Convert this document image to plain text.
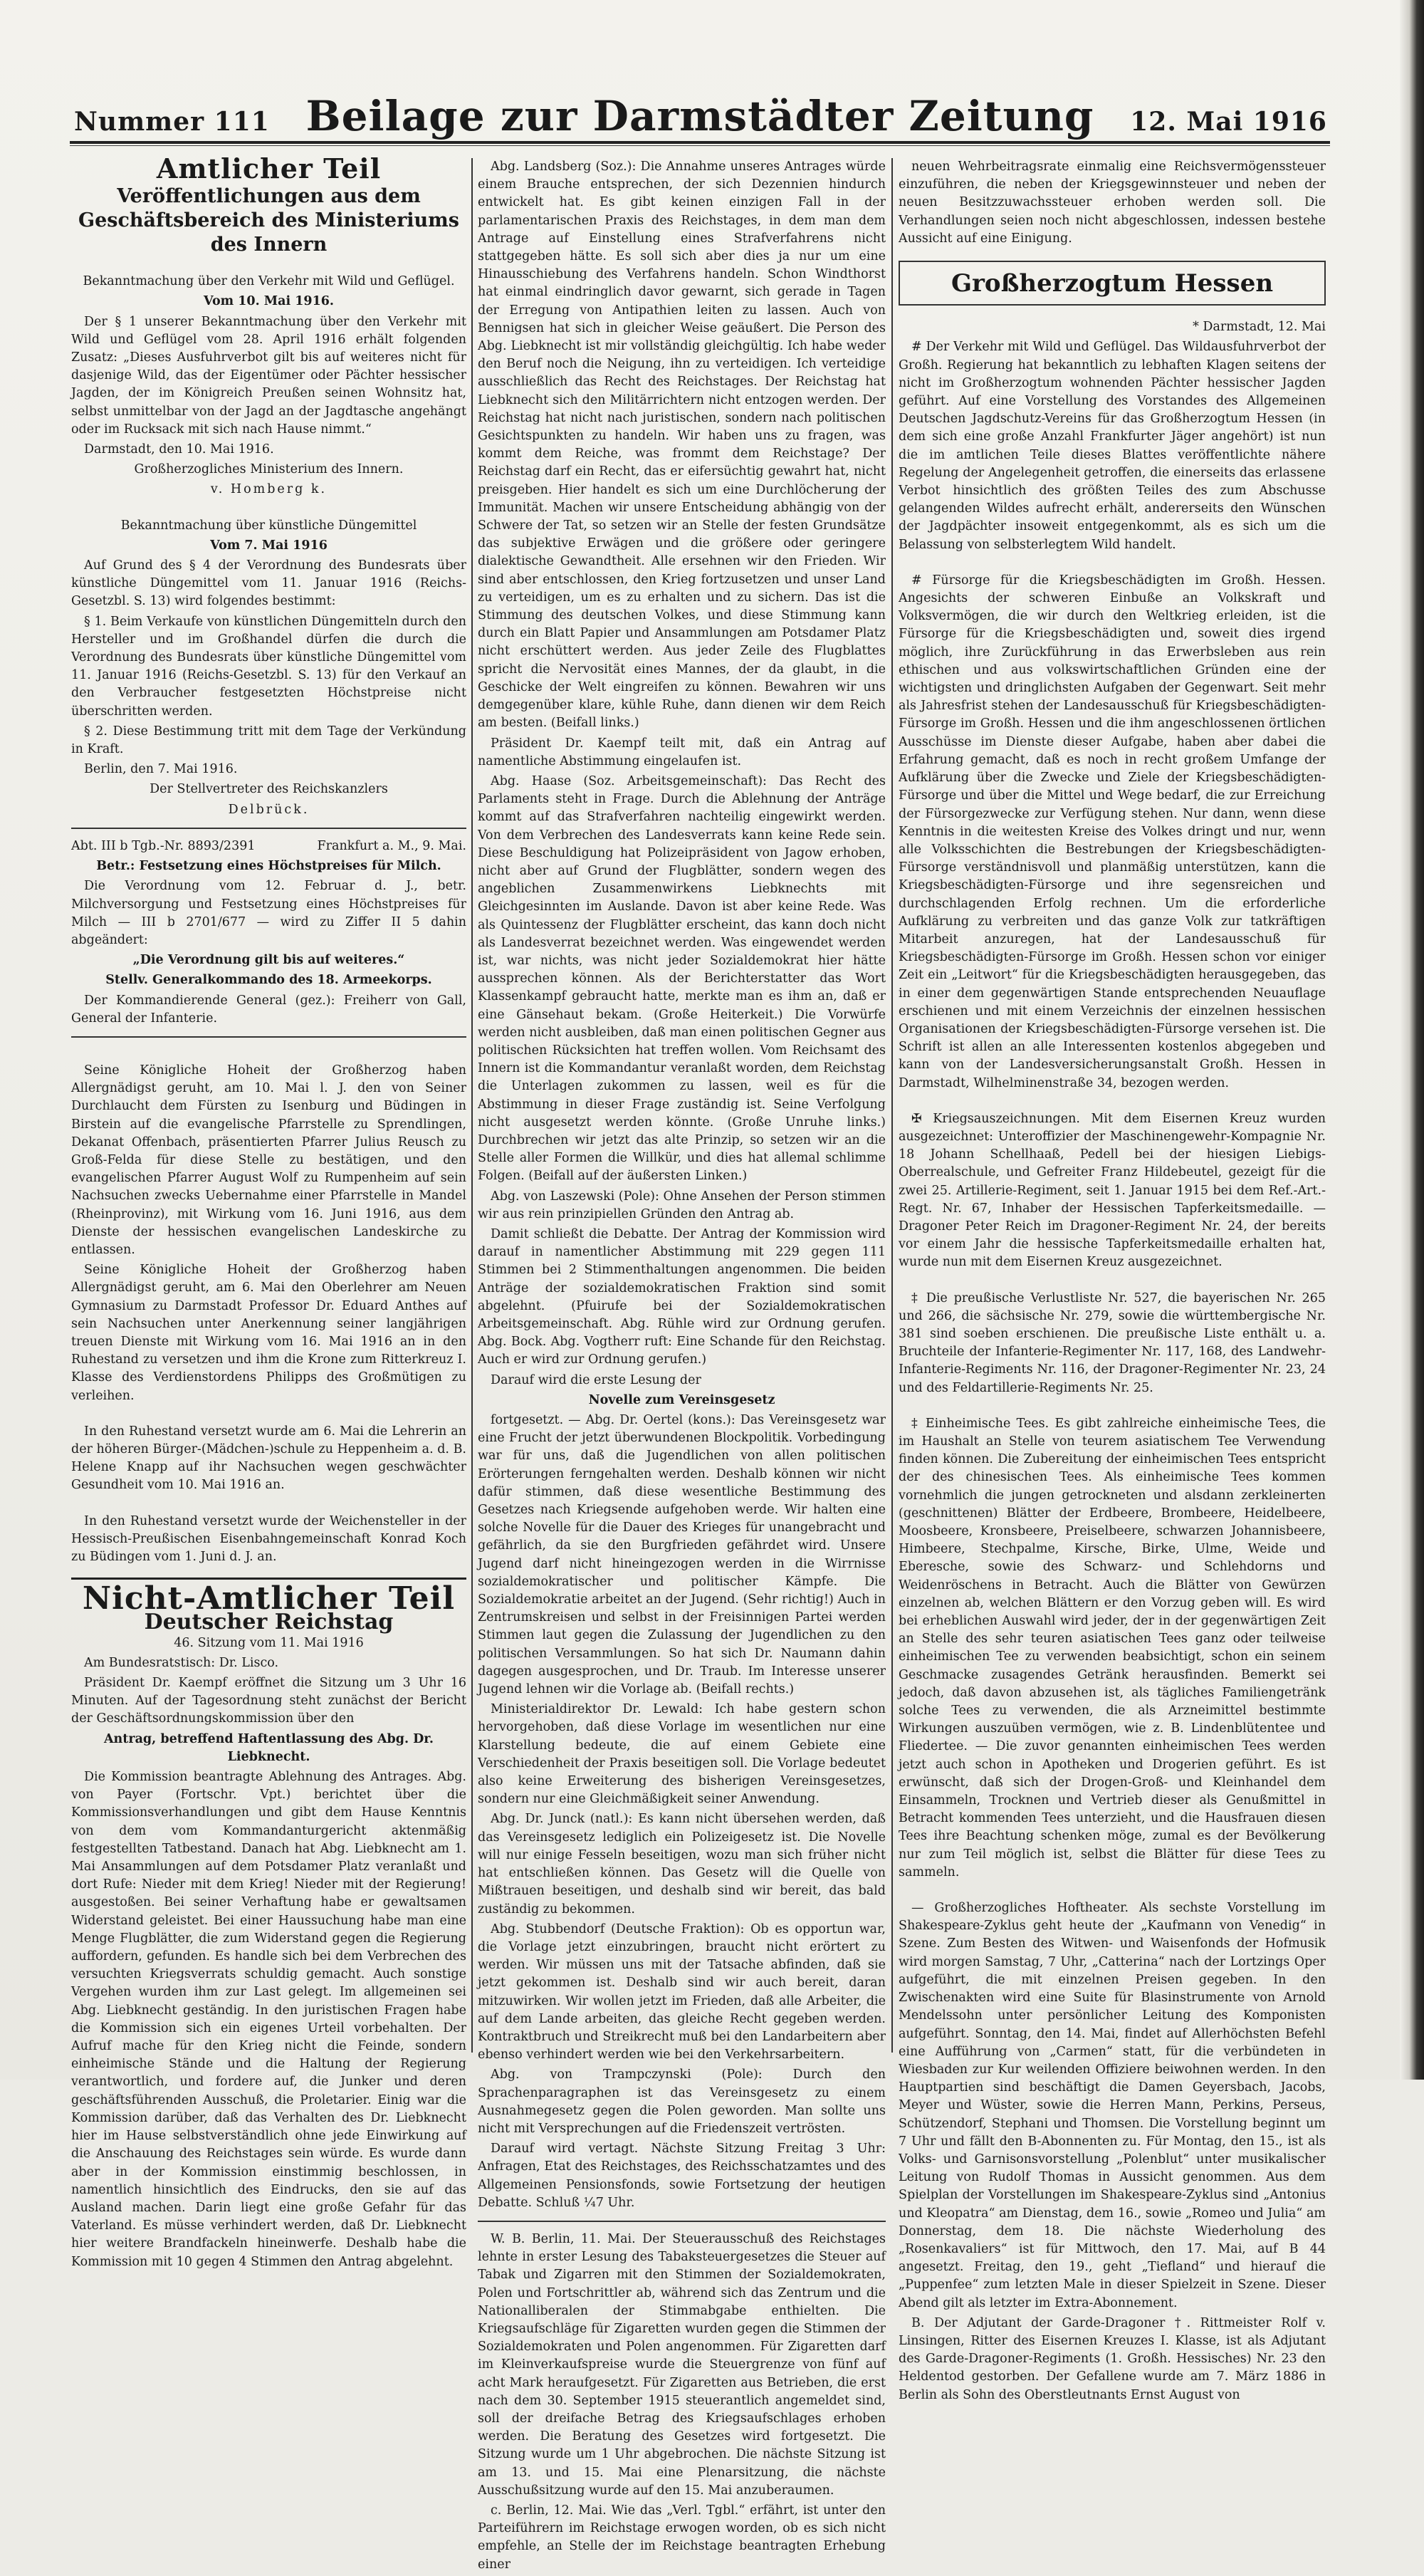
Nummer 111 Beilage zur Darmstädter Zeitung 12. Mai 1916
Amtlicher Teil
Veröffentlichungen aus dem Geschäftsbereich des Ministeriums des Innern

Bekanntmachung über den Verkehr mit Wild und Geflügel.

Vom 10. Mai 1916.

Der § 1 unserer Bekanntmachung über den Verkehr mit Wild und Geflügel vom 28. April 1916 erhält folgenden Zusatz: „Dieses Ausfuhrverbot gilt bis auf weiteres nicht für dasjenige Wild, das der Eigentümer oder Pächter hessischer Jagden, der im Königreich Preußen seinen Wohnsitz hat, selbst unmittelbar von der Jagd an der Jagdtasche angehängt oder im Rucksack mit sich nach Hause nimmt.“

Darmstadt, den 10. Mai 1916.

Großherzogliches Ministerium des Innern.

v. Homberg k.

Bekanntmachung über künstliche Düngemittel

Vom 7. Mai 1916

Auf Grund des § 4 der Verordnung des Bundesrats über künstliche Düngemittel vom 11. Januar 1916 (Reichs-Gesetzbl. S. 13) wird folgendes bestimmt:

§ 1. Beim Verkaufe von künstlichen Düngemitteln durch den Hersteller und im Großhandel dürfen die durch die Verordnung des Bundesrats über künstliche Düngemittel vom 11. Januar 1916 (Reichs-Gesetzbl. S. 13) für den Verkauf an den Verbraucher festgesetzten Höchstpreise nicht überschritten werden.

§ 2. Diese Bestimmung tritt mit dem Tage der Verkündung in Kraft.

Berlin, den 7. Mai 1916.

Der Stellvertreter des Reichskanzlers

Delbrück.

Abt. III b Tgb.-Nr. 8893/2391	Frankfurt a. M., 9. Mai.

Betr.: Festsetzung eines Höchstpreises für Milch.

Die Verordnung vom 12. Februar d. J., betr. Milchversorgung und Festsetzung eines Höchstpreises für Milch — III b 2701/677 — wird zu Ziffer II 5 dahin abgeändert:

„Die Verordnung gilt bis auf weiteres.“

Stellv. Generalkommando des 18. Armeekorps.

Der Kommandierende General (gez.): Freiherr von Gall, General der Infanterie.

Seine Königliche Hoheit der Großherzog haben Allergnädigst geruht, am 10. Mai l. J. den von Seiner Durchlaucht dem Fürsten zu Isenburg und Büdingen in Birstein auf die evangelische Pfarrstelle zu Sprendlingen, Dekanat Offenbach, präsentierten Pfarrer Julius Reusch zu Groß-Felda für diese Stelle zu bestätigen, und den evangelischen Pfarrer August Wolf zu Rumpenheim auf sein Nachsuchen zwecks Uebernahme einer Pfarrstelle in Mandel (Rheinprovinz), mit Wirkung vom 16. Juni 1916, aus dem Dienste der hessischen evangelischen Landeskirche zu entlassen.

Seine Königliche Hoheit der Großherzog haben Allergnädigst geruht, am 6. Mai den Oberlehrer am Neuen Gymnasium zu Darmstadt Professor Dr. Eduard Anthes auf sein Nachsuchen unter Anerkennung seiner langjährigen treuen Dienste mit Wirkung vom 16. Mai 1916 an in den Ruhestand zu versetzen und ihm die Krone zum Ritterkreuz I. Klasse des Verdienstordens Philipps des Großmütigen zu verleihen.

In den Ruhestand versetzt wurde am 6. Mai die Lehrerin an der höheren Bürger-(Mädchen-)schule zu Heppenheim a. d. B. Helene Knapp auf ihr Nachsuchen wegen geschwächter Gesundheit vom 10. Mai 1916 an.

In den Ruhestand versetzt wurde der Weichensteller in der Hessisch-Preußischen Eisenbahngemeinschaft Konrad Koch zu Büdingen vom 1. Juni d. J. an.

Nicht-Amtlicher Teil
Deutscher Reichstag

46. Sitzung vom 11. Mai 1916

Am Bundesratstisch: Dr. Lisco.

Präsident Dr. Kaempf eröffnet die Sitzung um 3 Uhr 16 Minuten. Auf der Tagesordnung steht zunächst der Bericht der Geschäftsordnungskommission über den

Antrag, betreffend Haftentlassung des Abg. Dr. Liebknecht.

Die Kommission beantragte Ablehnung des Antrages. Abg. von Payer (Fortschr. Vpt.) berichtet über die Kommissionsverhandlungen und gibt dem Hause Kenntnis von dem vom Kommandanturgericht aktenmäßig festgestellten Tatbestand. Danach hat Abg. Liebknecht am 1. Mai Ansammlungen auf dem Potsdamer Platz veranlaßt und dort Rufe: Nieder mit dem Krieg! Nieder mit der Regierung! ausgestoßen. Bei seiner Verhaftung habe er gewaltsamen Widerstand geleistet. Bei einer Haussuchung habe man eine Menge Flugblätter, die zum Widerstand gegen die Regierung auffordern, gefunden. Es handle sich bei dem Verbrechen des versuchten Kriegsverrats schuldig gemacht. Auch sonstige Vergehen wurden ihm zur Last gelegt. Im allgemeinen sei Abg. Liebknecht geständig. In den juristischen Fragen habe die Kommission sich ein eigenes Urteil vorbehalten. Der Aufruf mache für den Krieg nicht die Feinde, sondern einheimische Stände und die Haltung der Regierung verantwortlich, und fordere auf, die Junker und deren geschäftsführenden Ausschuß, die Proletarier. Einig war die Kommission darüber, daß das Verhalten des Dr. Liebknecht hier im Hause selbstverständlich ohne jede Einwirkung auf die Anschauung des Reichstages sein würde. Es wurde dann aber in der Kommission einstimmig beschlossen, in namentlich hinsichtlich des Eindrucks, den sie auf das Ausland machen. Darin liegt eine große Gefahr für das Vaterland. Es müsse verhindert werden, daß Dr. Liebknecht hier weitere Brandfackeln hineinwerfe. Deshalb habe die Kommission mit 10 gegen 4 Stimmen den Antrag abgelehnt.

Abg. Landsberg (Soz.): Die Annahme unseres Antrages würde einem Brauche entsprechen, der sich Dezennien hindurch entwickelt hat. Es gibt keinen einzigen Fall in der parlamentarischen Praxis des Reichstages, in dem man dem Antrage auf Einstellung eines Strafverfahrens nicht stattgegeben hätte. Es soll sich aber dies ja nur um eine Hinausschiebung des Verfahrens handeln. Schon Windthorst hat einmal eindringlich davor gewarnt, sich gerade in Tagen der Erregung von Antipathien leiten zu lassen. Auch von Bennigsen hat sich in gleicher Weise geäußert. Die Person des Abg. Liebknecht ist mir vollständig gleichgültig. Ich habe weder den Beruf noch die Neigung, ihn zu verteidigen. Ich verteidige ausschließlich das Recht des Reichstages. Der Reichstag hat Liebknecht sich den Militärrichtern nicht entzogen werden. Der Reichstag hat nicht nach juristischen, sondern nach politischen Gesichtspunkten zu handeln. Wir haben uns zu fragen, was kommt dem Reiche, was frommt dem Reichstage? Der Reichstag darf ein Recht, das er eifersüchtig gewahrt hat, nicht preisgeben. Hier handelt es sich um eine Durchlöcherung der Immunität. Machen wir unsere Entscheidung abhängig von der Schwere der Tat, so setzen wir an Stelle der festen Grundsätze das subjektive Erwägen und die größere oder geringere dialektische Gewandtheit. Alle ersehnen wir den Frieden. Wir sind aber entschlossen, den Krieg fortzusetzen und unser Land zu verteidigen, um es zu erhalten und zu sichern. Das ist die Stimmung des deutschen Volkes, und diese Stimmung kann durch ein Blatt Papier und Ansammlungen am Potsdamer Platz nicht erschüttert werden. Aus jeder Zeile des Flugblattes spricht die Nervosität eines Mannes, der da glaubt, in die Geschicke der Welt eingreifen zu können. Bewahren wir uns demgegenüber klare, kühle Ruhe, dann dienen wir dem Reich am besten. (Beifall links.)

Präsident Dr. Kaempf teilt mit, daß ein Antrag auf namentliche Abstimmung eingelaufen ist.

Abg. Haase (Soz. Arbeitsgemeinschaft): Das Recht des Parlaments steht in Frage. Durch die Ablehnung der Anträge kommt auf das Strafverfahren nachteilig eingewirkt werden. Von dem Verbrechen des Landesverrats kann keine Rede sein. Diese Beschuldigung hat Polizeipräsident von Jagow erhoben, nicht aber auf Grund der Flugblätter, sondern wegen des angeblichen Zusammenwirkens Liebknechts mit Gleichgesinnten im Auslande. Davon ist aber keine Rede. Was als Quintessenz der Flugblätter erscheint, das kann doch nicht als Landesverrat bezeichnet werden. Was eingewendet werden ist, war nichts, was nicht jeder Sozialdemokrat hier hätte aussprechen können. Als der Berichterstatter das Wort Klassenkampf gebraucht hatte, merkte man es ihm an, daß er eine Gänsehaut bekam. (Große Heiterkeit.) Die Vorwürfe werden nicht ausbleiben, daß man einen politischen Gegner aus politischen Rücksichten hat treffen wollen. Vom Reichsamt des Innern ist die Kommandantur veranlaßt worden, dem Reichstag die Unterlagen zukommen zu lassen, weil es für die Abstimmung in dieser Frage zuständig ist. Seine Verfolgung nicht ausgesetzt werden könnte. (Große Unruhe links.) Durchbrechen wir jetzt das alte Prinzip, so setzen wir an die Stelle aller Formen die Willkür, und dies hat allemal schlimme Folgen. (Beifall auf der äußersten Linken.)

Abg. von Laszewski (Pole): Ohne Ansehen der Person stimmen wir aus rein prinzipiellen Gründen den Antrag ab.

Damit schließt die Debatte. Der Antrag der Kommission wird darauf in namentlicher Abstimmung mit 229 gegen 111 Stimmen bei 2 Stimmenthaltungen angenommen. Die beiden Anträge der sozialdemokratischen Fraktion sind somit abgelehnt. (Pfuirufe bei der Sozialdemokratischen Arbeitsgemeinschaft. Abg. Rühle wird zur Ordnung gerufen. Abg. Bock. Abg. Vogtherr ruft: Eine Schande für den Reichstag. Auch er wird zur Ordnung gerufen.)

Darauf wird die erste Lesung der

Novelle zum Vereinsgesetz

fortgesetzt. — Abg. Dr. Oertel (kons.): Das Vereinsgesetz war eine Frucht der jetzt überwundenen Blockpolitik. Vorbedingung war für uns, daß die Jugendlichen von allen politischen Erörterungen ferngehalten werden. Deshalb können wir nicht dafür stimmen, daß diese wesentliche Bestimmung des Gesetzes nach Kriegsende aufgehoben werde. Wir halten eine solche Novelle für die Dauer des Krieges für unangebracht und gefährlich, da sie den Burgfrieden gefährdet wird. Unsere Jugend darf nicht hineingezogen werden in die Wirrnisse sozialdemokratischer und politischer Kämpfe. Die Sozialdemokratie arbeitet an der Jugend. (Sehr richtig!) Auch in Zentrumskreisen und selbst in der Freisinnigen Partei werden Stimmen laut gegen die Zulassung der Jugendlichen zu den politischen Versammlungen. So hat sich Dr. Naumann dahin dagegen ausgesprochen, und Dr. Traub. Im Interesse unserer Jugend lehnen wir die Vorlage ab. (Beifall rechts.)

Ministerialdirektor Dr. Lewald: Ich habe gestern schon hervorgehoben, daß diese Vorlage im wesentlichen nur eine Klarstellung bedeute, die auf einem Gebiete eine Verschiedenheit der Praxis beseitigen soll. Die Vorlage bedeutet also keine Erweiterung des bisherigen Vereinsgesetzes, sondern nur eine Gleichmäßigkeit seiner Anwendung.

Abg. Dr. Junck (natl.): Es kann nicht übersehen werden, daß das Vereinsgesetz lediglich ein Polizeigesetz ist. Die Novelle will nur einige Fesseln beseitigen, wozu man sich früher nicht hat entschließen können. Das Gesetz will die Quelle von Mißtrauen beseitigen, und deshalb sind wir bereit, das bald zuständig zu bekommen.

Abg. Stubbendorf (Deutsche Fraktion): Ob es opportun war, die Vorlage jetzt einzubringen, braucht nicht erörtert zu werden. Wir müssen uns mit der Tatsache abfinden, daß sie jetzt gekommen ist. Deshalb sind wir auch bereit, daran mitzuwirken. Wir wollen jetzt im Frieden, daß alle Arbeiter, die auf dem Lande arbeiten, das gleiche Recht gegeben werden. Kontraktbruch und Streikrecht muß bei den Landarbeitern aber ebenso verhindert werden wie bei den Verkehrsarbeitern.

Abg. von Trampczynski (Pole): Durch den Sprachenparagraphen ist das Vereinsgesetz zu einem Ausnahmegesetz gegen die Polen geworden. Man sollte uns nicht mit Versprechungen auf die Friedenszeit vertrösten.

Darauf wird vertagt. Nächste Sitzung Freitag 3 Uhr: Anfragen, Etat des Reichstages, des Reichsschatzamtes und des Allgemeinen Pensionsfonds, sowie Fortsetzung der heutigen Debatte. Schluß ¼7 Uhr.

W. B. Berlin, 11. Mai. Der Steuerausschuß des Reichstages lehnte in erster Lesung des Tabaksteuergesetzes die Steuer auf Tabak und Zigarren mit den Stimmen der Sozialdemokraten, Polen und Fortschrittler ab, während sich das Zentrum und die Nationalliberalen der Stimmabgabe enthielten. Die Kriegsaufschläge für Zigaretten wurden gegen die Stimmen der Sozialdemokraten und Polen angenommen. Für Zigaretten darf im Kleinverkaufspreise wurde die Steuergrenze von fünf auf acht Mark heraufgesetzt. Für Zigaretten aus Betrieben, die erst nach dem 30. September 1915 steuerantlich angemeldet sind, soll der dreifache Betrag des Kriegsaufschlages erhoben werden. Die Beratung des Gesetzes wird fortgesetzt. Die Sitzung wurde um 1 Uhr abgebrochen. Die nächste Sitzung ist am 13. und 15. Mai eine Plenarsitzung, die nächste Ausschußsitzung wurde auf den 15. Mai anzuberaumen.

c. Berlin, 12. Mai. Wie das „Verl. Tgbl.“ erfährt, ist unter den Parteiführern im Reichstage erwogen worden, ob es sich nicht empfehle, an Stelle der im Reichstage beantragten Erhebung einer

neuen Wehrbeitragsrate einmalig eine Reichsvermögenssteuer einzuführen, die neben der Kriegsgewinnsteuer und neben der neuen Besitzzuwachssteuer erhoben werden soll. Die Verhandlungen seien noch nicht abgeschlossen, indessen bestehe Aussicht auf eine Einigung.

Großherzogtum Hessen

* Darmstadt, 12. Mai

# Der Verkehr mit Wild und Geflügel. Das Wildausfuhrverbot der Großh. Regierung hat bekanntlich zu lebhaften Klagen seitens der nicht im Großherzogtum wohnenden Pächter hessischer Jagden geführt. Auf eine Vorstellung des Vorstandes des Allgemeinen Deutschen Jagdschutz-Vereins für das Großherzogtum Hessen (in dem sich eine große Anzahl Frankfurter Jäger angehört) ist nun die im amtlichen Teile dieses Blattes veröffentlichte nähere Regelung der Angelegenheit getroffen, die einerseits das erlassene Verbot hinsichtlich des größten Teiles des zum Abschusse gelangenden Wildes aufrecht erhält, andererseits den Wünschen der Jagdpächter insoweit entgegenkommt, als es sich um die Belassung von selbsterlegtem Wild handelt.

# Fürsorge für die Kriegsbeschädigten im Großh. Hessen. Angesichts der schweren Einbuße an Volkskraft und Volksvermögen, die wir durch den Weltkrieg erleiden, ist die Fürsorge für die Kriegsbeschädigten und, soweit dies irgend möglich, ihre Zurückführung in das Erwerbsleben aus rein ethischen und aus volkswirtschaftlichen Gründen eine der wichtigsten und dringlichsten Aufgaben der Gegenwart. Seit mehr als Jahresfrist stehen der Landesausschuß für Kriegsbeschädigten-Fürsorge im Großh. Hessen und die ihm angeschlossenen örtlichen Ausschüsse im Dienste dieser Aufgabe, haben aber dabei die Erfahrung gemacht, daß es noch in recht großem Umfange der Aufklärung über die Zwecke und Ziele der Kriegsbeschädigten-Fürsorge und über die Mittel und Wege bedarf, die zur Erreichung der Fürsorgezwecke zur Verfügung stehen. Nur dann, wenn diese Kenntnis in die weitesten Kreise des Volkes dringt und nur, wenn alle Volksschichten die Bestrebungen der Kriegsbeschädigten-Fürsorge verständnisvoll und planmäßig unterstützen, kann die Kriegsbeschädigten-Fürsorge und ihre segensreichen und durchschlagenden Erfolg rechnen. Um die erforderliche Aufklärung zu verbreiten und das ganze Volk zur tatkräftigen Mitarbeit anzuregen, hat der Landesausschuß für Kriegsbeschädigten-Fürsorge im Großh. Hessen schon vor einiger Zeit ein „Leitwort“ für die Kriegsbeschädigten herausgegeben, das in einer dem gegenwärtigen Stande entsprechenden Neuauflage erschienen und mit einem Verzeichnis der einzelnen hessischen Organisationen der Kriegsbeschädigten-Fürsorge versehen ist. Die Schrift ist allen an alle Interessenten kostenlos abgegeben und kann von der Landesversicherungsanstalt Großh. Hessen in Darmstadt, Wilhelminenstraße 34, bezogen werden.

✠ Kriegsauszeichnungen. Mit dem Eisernen Kreuz wurden ausgezeichnet: Unteroffizier der Maschinengewehr-Kompagnie Nr. 18 Johann Schellhaaß, Pedell bei der hiesigen Liebigs-Oberrealschule, und Gefreiter Franz Hildebeutel, gezeigt für die zwei 25. Artillerie-Regiment, seit 1. Januar 1915 bei dem Ref.-Art.-Regt. Nr. 67, Inhaber der Hessischen Tapferkeitsmedaille. — Dragoner Peter Reich im Dragoner-Regiment Nr. 24, der bereits vor einem Jahr die hessische Tapferkeitsmedaille erhalten hat, wurde nun mit dem Eisernen Kreuz ausgezeichnet.

‡ Die preußische Verlustliste Nr. 527, die bayerischen Nr. 265 und 266, die sächsische Nr. 279, sowie die württembergische Nr. 381 sind soeben erschienen. Die preußische Liste enthält u. a. Bruchteile der Infanterie-Regimenter Nr. 117, 168, des Landwehr-Infanterie-Regiments Nr. 116, der Dragoner-Regimenter Nr. 23, 24 und des Feldartillerie-Regiments Nr. 25.

‡ Einheimische Tees. Es gibt zahlreiche einheimische Tees, die im Haushalt an Stelle von teurem asiatischem Tee Verwendung finden können. Die Zubereitung der einheimischen Tees entspricht der des chinesischen Tees. Als einheimische Tees kommen vornehmlich die jungen getrockneten und alsdann zerkleinerten (geschnittenen) Blätter der Erdbeere, Brombeere, Heidelbeere, Moosbeere, Kronsbeere, Preiselbeere, schwarzen Johannisbeere, Himbeere, Stechpalme, Kirsche, Birke, Ulme, Weide und Eberesche, sowie des Schwarz- und Schlehdorns und Weidenröschens in Betracht. Auch die Blätter von Gewürzen einzelnen ab, welchen Blättern er den Vorzug geben will. Es wird bei erheblichen Auswahl wird jeder, der in der gegenwärtigen Zeit an Stelle des sehr teuren asiatischen Tees ganz oder teilweise einheimischen Tee zu verwenden beabsichtigt, schon ein seinem Geschmacke zusagendes Getränk herausfinden. Bemerkt sei jedoch, daß davon abzusehen ist, als tägliches Familiengetränk solche Tees zu verwenden, die als Arzneimittel bestimmte Wirkungen auszuüben vermögen, wie z. B. Lindenblütentee und Fliedertee. — Die zuvor genannten einheimischen Tees werden jetzt auch schon in Apotheken und Drogerien geführt. Es ist erwünscht, daß sich der Drogen-Groß- und Kleinhandel dem Einsammeln, Trocknen und Vertrieb dieser als Genußmittel in Betracht kommenden Tees unterzieht, und die Hausfrauen diesen Tees ihre Beachtung schenken möge, zumal es der Bevölkerung nur zum Teil möglich ist, selbst die Blätter für diese Tees zu sammeln.

— Großherzogliches Hoftheater. Als sechste Vorstellung im Shakespeare-Zyklus geht heute der „Kaufmann von Venedig“ in Szene. Zum Besten des Witwen- und Waisenfonds der Hofmusik wird morgen Samstag, 7 Uhr, „Catterina“ nach der Lortzings Oper aufgeführt, die mit einzelnen Preisen gegeben. In den Zwischenakten wird eine Suite für Blasinstrumente von Arnold Mendelssohn unter persönlicher Leitung des Komponisten aufgeführt. Sonntag, den 14. Mai, findet auf Allerhöchsten Befehl eine Aufführung von „Carmen“ statt, für die verbündeten in Wiesbaden zur Kur weilenden Offiziere beiwohnen werden. In den Hauptpartien sind beschäftigt die Damen Geyersbach, Jacobs, Meyer und Wüster, sowie die Herren Mann, Perkins, Perseus, Schützendorf, Stephani und Thomsen. Die Vorstellung beginnt um 7 Uhr und fällt den B-Abonnenten zu. Für Montag, den 15., ist als Volks- und Garnisonsvorstellung „Polenblut“ unter musikalischer Leitung von Rudolf Thomas in Aussicht genommen. Aus dem Spielplan der Vorstellungen im Shakespeare-Zyklus sind „Antonius und Kleopatra“ am Dienstag, dem 16., sowie „Romeo und Julia“ am Donnerstag, dem 18. Die nächste Wiederholung des „Rosenkavaliers“ ist für Mittwoch, den 17. Mai, auf B 44 angesetzt. Freitag, den 19., geht „Tiefland“ und hierauf die „Puppenfee“ zum letzten Male in dieser Spielzeit in Szene. Dieser Abend gilt als letzter im Extra-Abonnement.

B. Der Adjutant der Garde-Dragoner †. Rittmeister Rolf v. Linsingen, Ritter des Eisernen Kreuzes I. Klasse, ist als Adjutant des Garde-Dragoner-Regiments (1. Großh. Hessisches) Nr. 23 den Heldentod gestorben. Der Gefallene wurde am 7. März 1886 in Berlin als Sohn des Oberstleutnants Ernst August von
